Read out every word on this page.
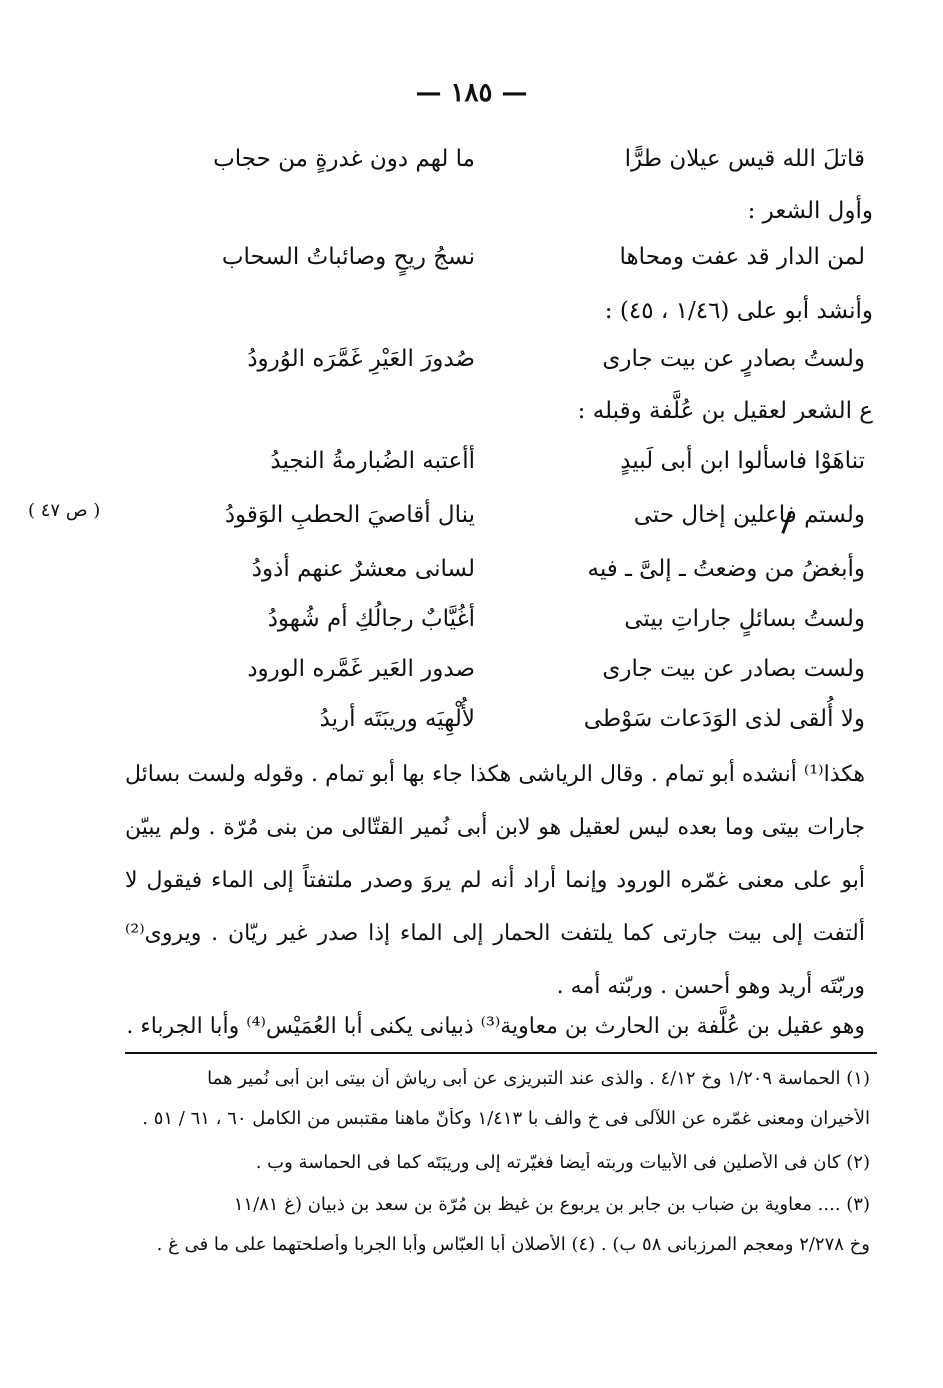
— ١٨٥ —
قاتلَ الله قيس عيلان طرًّا
ما لهم دون غدرةٍ من حجاب
وأول الشعر :
لمن الدار قد عفت ومحاها
نسجُ ريحٍ وصائباتُ السحاب
وأنشد أبو على (١/٤٦ ، ٤٥) :
ولستُ بصادرٍ عن بيت جارى
صُدورَ العَيْرِ غَمَّرَه الوُرودُ
ع الشعر لعقيل بن عُلَّفة وقبله :
تناهَوْا فاسألوا ابن أبى لَبيدٍ
أأعتبه الضُبارمةُ النجيدُ
ولستم فاعلين إخال حتى
ينال أقاصيَ الحطبِ الوَقودُ
( ص ٤٧ )
وأبغضُ من وضعتُ ـ إلىَّ ـ فيه
لسانى معشرٌ عنهم أذودُ
ولستُ بسائلٍ جاراتِ بيتى
أغُيَّابٌ رجالُكِ أم شُهودُ
ولست بصادر عن بيت جارى
صدور العَير غَمَّره الورود
ولا أُلقى لذى الوَدَعات سَوْطى
لأُلْهِيَه وريبَتَه أريدُ
هكذا⁽¹⁾ أنشده أبو تمام . وقال الرياشى هكذا جاء بها أبو تمام . وقوله ولست بسائل جارات بيتى وما بعده ليس لعقيل هو لابن أبى نُمير القتّالى من بنى مُرّة . ولم يبيّن أبو على معنى غمّره الورود وإنما أراد أنه لم يروَ وصدر ملتفتاً إلى الماء فيقول لا ألتفت إلى بيت جارتى كما يلتفت الحمار إلى الماء إذا صدر غير ريّان . ويروى⁽²⁾ وربّتَه أريد وهو أحسن . وربّته أمه .
وهو عقيل بن عُلَّفة بن الحارث بن معاوية⁽³⁾ ذبيانى يكنى أبا العُمَيْس⁽⁴⁾ وأبا الجرباء .
(١) الحماسة ١/٢٠٩ وخ ٤/١٢ . والذى عند التبريزى عن أبى رياش أن بيتى ابن أبى نُمير هما
الأخيران ومعنى غمّره عن اللآلى فى خ والف با ١/٤١٣ وكأنّ ماهنا مقتبس من الكامل ٦٠ ، ٦١ / ٥١ .
(٢) كان فى الأصلين فى الأبيات وربته أيضا فغيّرته إلى وريبَتَه كما فى الحماسة وب .
(٣) .... معاوية بن ضباب بن جابر بن يربوع بن غيظ بن مُرّة بن سعد بن ذبيان (غ ١١/٨١
وخ ٢/٢٧٨ ومعجم المرزبانى ٥٨ ب) . (٤) الأصلان أبا العبّاس وأبا الجربا وأصلحتهما على ما فى غ .
